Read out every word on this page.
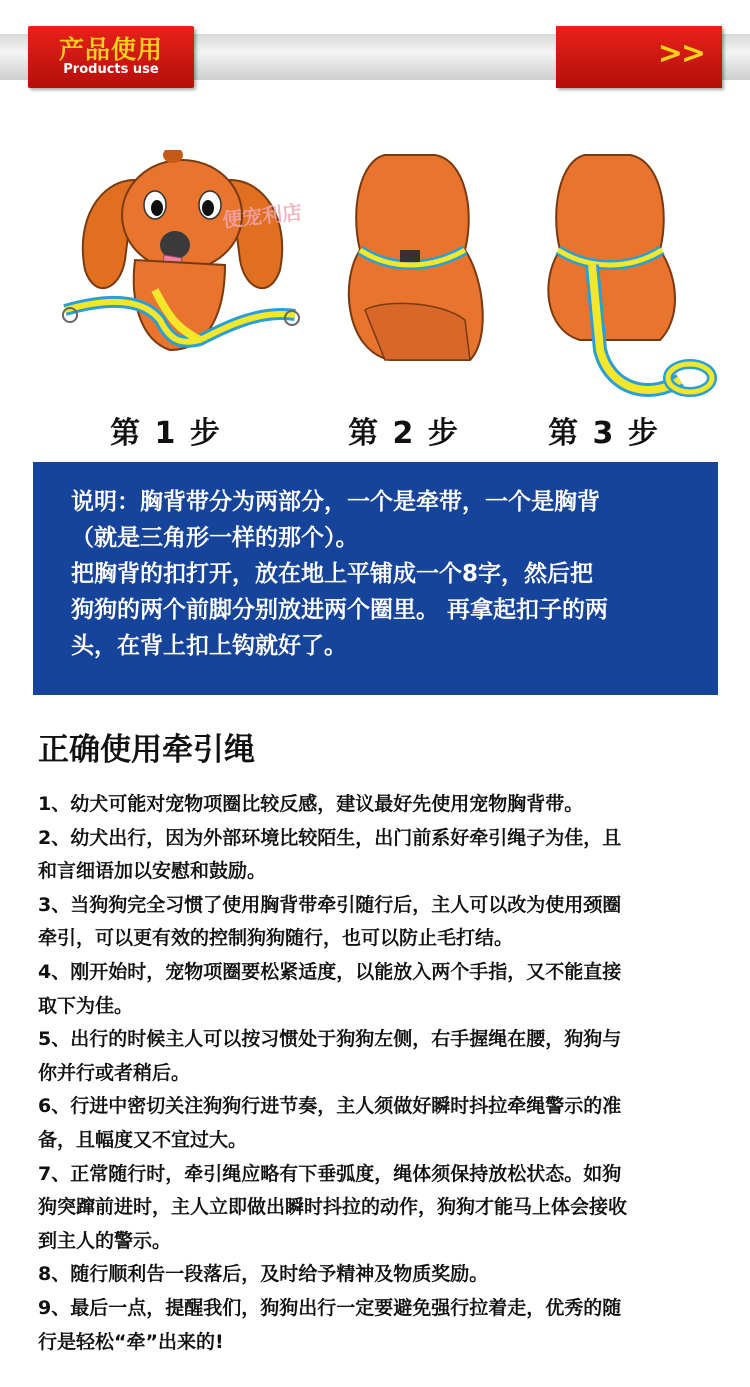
产品使用
Products use	>>
便宠利店
第 1 步	第 2 步	第 3 步
说明：胸背带分为两部分，一个是牵带，一个是胸背
（就是三角形一样的那个）。
把胸背的扣打开，放在地上平铺成一个8字，然后把
狗狗的两个前脚分别放进两个圈里。 再拿起扣子的两
头，在背上扣上钩就好了。
正确使用牵引绳
1、幼犬可能对宠物项圈比较反感，建议最好先使用宠物胸背带。
2、幼犬出行，因为外部环境比较陌生，出门前系好牵引绳子为佳，且
和言细语加以安慰和鼓励。
3、当狗狗完全习惯了使用胸背带牵引随行后，主人可以改为使用颈圈
牵引，可以更有效的控制狗狗随行，也可以防止毛打结。
4、刚开始时，宠物项圈要松紧适度，以能放入两个手指，又不能直接
取下为佳。
5、出行的时候主人可以按习惯处于狗狗左侧，右手握绳在腰，狗狗与
你并行或者稍后。
6、行进中密切关注狗狗行进节奏，主人须做好瞬时抖拉牵绳警示的准
备，且幅度又不宜过大。
7、正常随行时，牵引绳应略有下垂弧度，绳体须保持放松状态。如狗
狗突蹿前进时，主人立即做出瞬时抖拉的动作，狗狗才能马上体会接收
到主人的警示。
8、随行顺利告一段落后，及时给予精神及物质奖励。
9、最后一点，提醒我们，狗狗出行一定要避免强行拉着走，优秀的随
行是轻松“牵”出来的!
